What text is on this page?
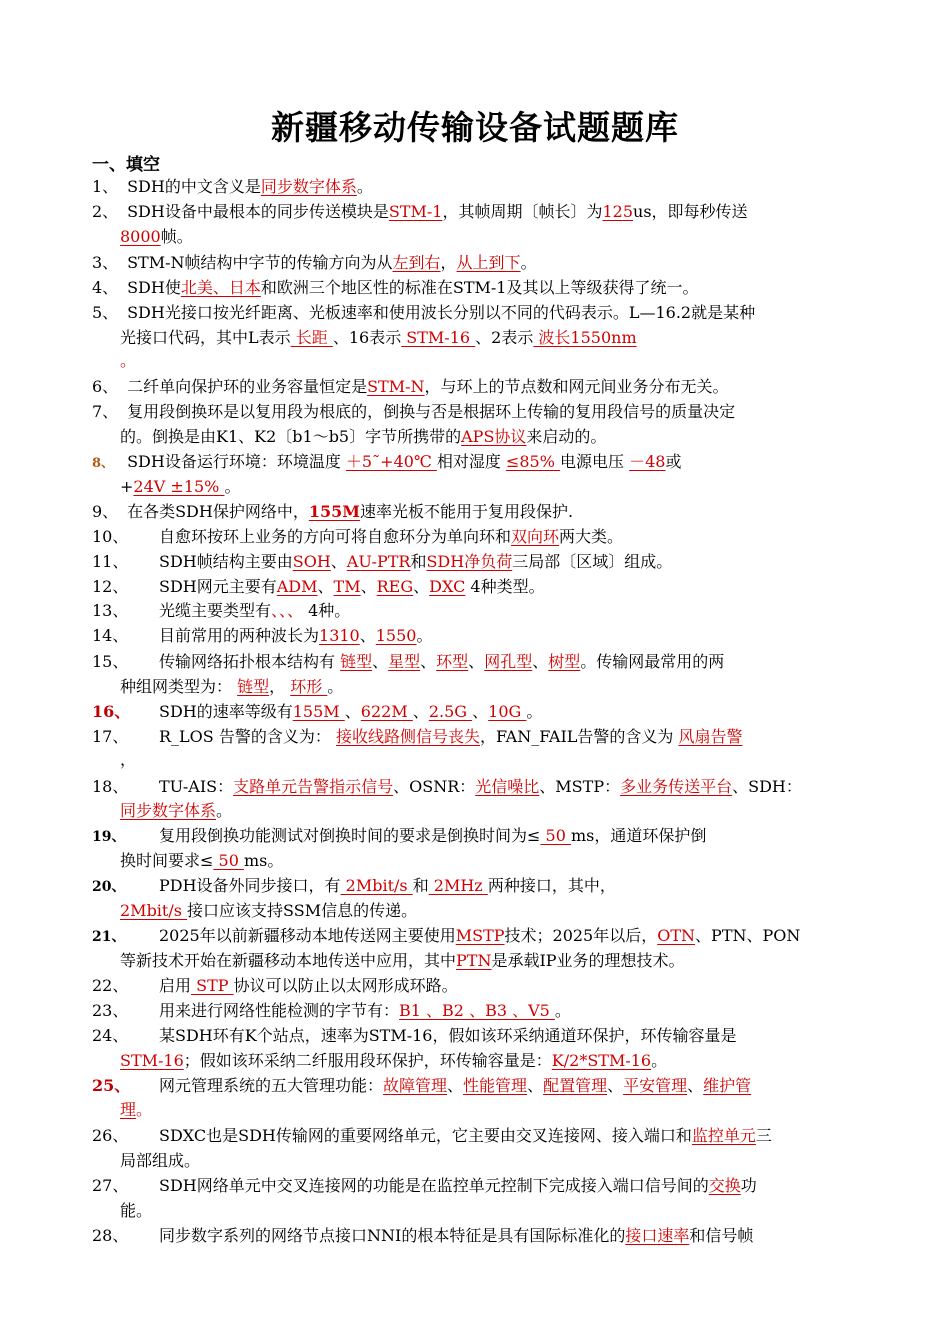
新疆移动传输设备试题题库
一、填空
1、 SDH的中文含义是同步数字体系。
2、 SDH设备中最根本的同步传送模块是STM-1，其帧周期〔帧长〕为125us，即每秒传送
8000帧。
3、 STM-N帧结构中字节的传输方向为从左到右，从上到下。
4、 SDH使北美、日本和欧洲三个地区性的标准在STM-1及其以上等级获得了统一。
5、 SDH光接口按光纤距离、光板速率和使用波长分别以不同的代码表示。L—16.2就是某种
光接口代码，其中L表示 长距 、16表示 STM-16 、2表示 波长1550nm
。
6、 二纤单向保护环的业务容量恒定是STM-N，与环上的节点数和网元间业务分布无关。
7、 复用段倒换环是以复用段为根底的，倒换与否是根据环上传输的复用段信号的质量决定
的。倒换是由K1、K2〔b1～b5〕字节所携带的APS协议来启动的。
8、 SDH设备运行环境：环境温度 ＋5˜+40℃ 相对湿度 ≤85% 电源电压 －48或
+24V ±15% 。
9、 在各类SDH保护网络中，155M速率光板不能用于复用段保护.
10、 自愈环按环上业务的方向可将自愈环分为单向环和双向环两大类。
11、 SDH帧结构主要由SOH、AU-PTR和SDH净负荷三局部〔区域〕组成。
12、 SDH网元主要有ADM、TM、REG、DXC 4种类型。
13、 光缆主要类型有、、、 4种。
14、 目前常用的两种波长为1310、1550。
15、 传输网络拓扑根本结构有 链型、星型、环型、网孔型、树型。传输网最常用的两
种组网类型为： 链型， 环形 。
16、 SDH的速率等级有155M 、622M 、2.5G 、10G 。
17、 R_LOS 告警的含义为： 接收线路侧信号丧失，FAN_FAIL告警的含义为 风扇告警
，
18、 TU-AIS：支路单元告警指示信号、OSNR：光信噪比、MSTP：多业务传送平台、SDH：
同步数字体系。
19、 复用段倒换功能测试对倒换时间的要求是倒换时间为≤ 50 ms，通道环保护倒
换时间要求≤ 50 ms。
20、 PDH设备外同步接口，有 2Mbit/s 和 2MHz 两种接口，其中，
2Mbit/s 接口应该支持SSM信息的传递。
21、 2025年以前新疆移动本地传送网主要使用MSTP技术；2025年以后，OTN、PTN、PON
等新技术开始在新疆移动本地传送中应用，其中PTN是承载IP业务的理想技术。
22、 启用 STP 协议可以防止以太网形成环路。
23、 用来进行网络性能检测的字节有：B1 、B2 、B3 、V5 。
24、 某SDH环有K个站点，速率为STM-16，假如该环采纳通道环保护，环传输容量是
STM-16；假如该环采纳二纤服用段环保护，环传输容量是：K/2*STM-16。
25、 网元管理系统的五大管理功能：故障管理、性能管理、配置管理、平安管理、维护管
理。
26、 SDXC也是SDH传输网的重要网络单元，它主要由交叉连接网、接入端口和监控单元三
局部组成。
27、 SDH网络单元中交叉连接网的功能是在监控单元控制下完成接入端口信号间的交换功
能。
28、 同步数字系列的网络节点接口NNI的根本特征是具有国际标准化的接口速率和信号帧
